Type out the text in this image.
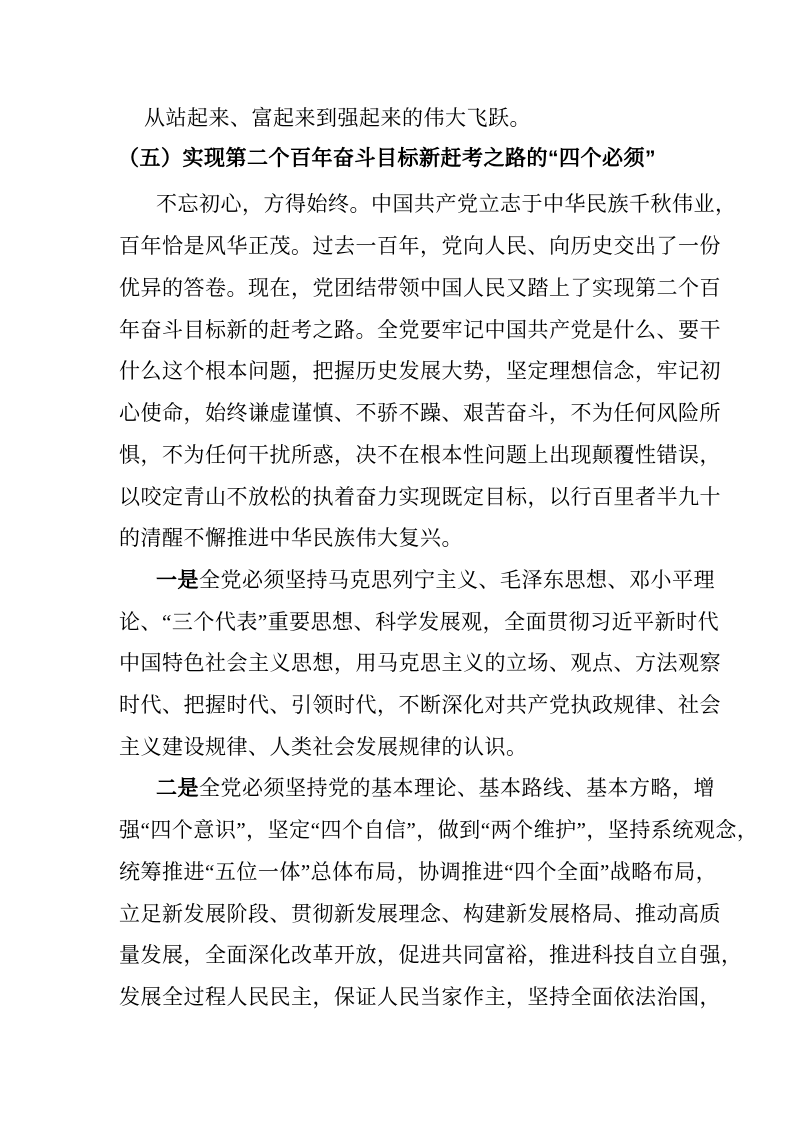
从站起来、富起来到强起来的伟大飞跃。
（五）实现第二个百年奋斗目标新赶考之路的“四个必须”
不忘初心，方得始终。中国共产党立志于中华民族千秋伟业，
百年恰是风华正茂。过去一百年，党向人民、向历史交出了一份
优异的答卷。现在，党团结带领中国人民又踏上了实现第二个百
年奋斗目标新的赶考之路。全党要牢记中国共产党是什么、要干
什么这个根本问题，把握历史发展大势，坚定理想信念，牢记初
心使命，始终谦虚谨慎、不骄不躁、艰苦奋斗，不为任何风险所
惧，不为任何干扰所惑，决不在根本性问题上出现颠覆性错误，
以咬定青山不放松的执着奋力实现既定目标，以行百里者半九十
的清醒不懈推进中华民族伟大复兴。
一是全党必须坚持马克思列宁主义、毛泽东思想、邓小平理
论、“三个代表”重要思想、科学发展观，全面贯彻习近平新时代
中国特色社会主义思想，用马克思主义的立场、观点、方法观察
时代、把握时代、引领时代，不断深化对共产党执政规律、社会
主义建设规律、人类社会发展规律的认识。
二是全党必须坚持党的基本理论、基本路线、基本方略，增
强“四个意识”，坚定“四个自信”，做到“两个维护”，坚持系统观念，
统筹推进“五位一体”总体布局，协调推进“四个全面”战略布局，
立足新发展阶段、贯彻新发展理念、构建新发展格局、推动高质
量发展，全面深化改革开放，促进共同富裕，推进科技自立自强，
发展全过程人民民主，保证人民当家作主，坚持全面依法治国，
